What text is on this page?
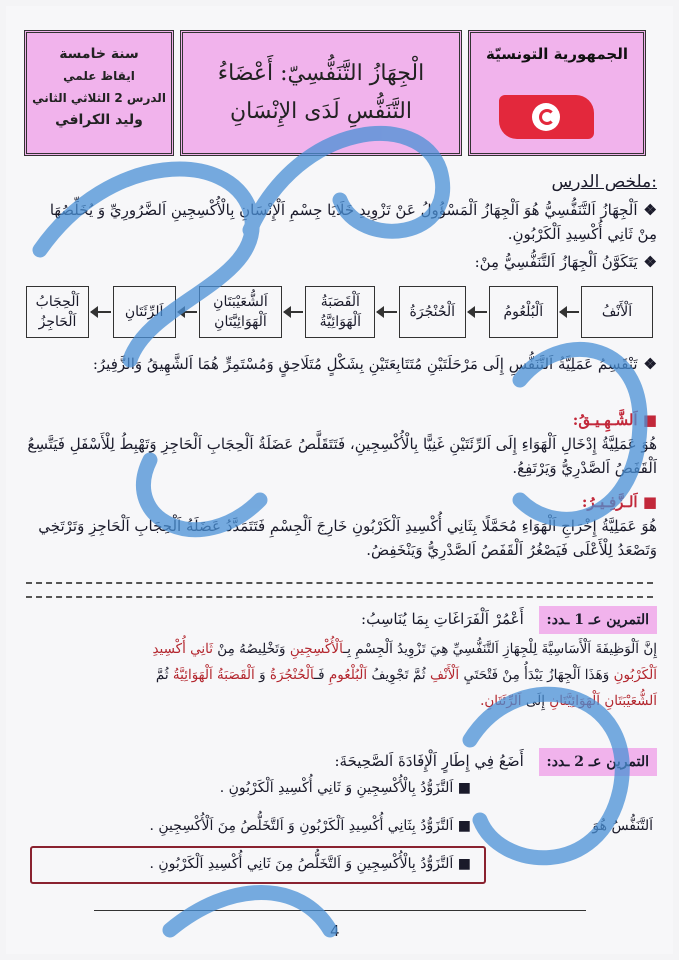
الجمهورية التونسيّة
الْجِهَازُ التَّنَفُّسِيّ: أَعْضَاءُ
التَّنَفُّسِ لَدَى الإِنْسَانِ
سنة خامسة
ايقاظ علمي
الدرس 2 الثلاثي الثاني
وليد الكرافي
ملخص الدرس:
❖اَلْجِهَازُ اَلتَّنَفُّسِيُّ هُوَ اَلْجِهَازُ اَلْمَسْؤُولُ عَنْ تَزْوِيدِ خَلَايَا جِسْمِ اَلْإِنْسَانِ بِالْأُكْسِجِينِ اَلضَّرُورِيِّ وَ يُخَلِّصُهَا مِنْ ثَانِي أُكْسِيدِ اَلْكَرْبُونِ.
❖يَتَكَوَّنُ اَلْجِهَازُ اَلتَّنَفُّسِيُّ مِنْ:
اَلْأَنْفُ
اَلْبُلْعُومُ
اَلْحُنْجُرَةُ
اَلْقَصَبَةُ اَلْهَوَائِيَّةُ
اَلشُّعَيْبَتَانِ اَلْهَوَائِيَّتَانِ
اَلرِّئَتَانِ
اَلْحِجَابُ اَلْحَاجِزُ
❖تَنْقَسِمُ عَمَلِيَّةُ اَلتَّنَفُّسِ إِلَى مَرْحَلَتَيْنِ مُتَتَابِعَتَيْنِ بِشَكْلٍ مُتَلَاحِقٍ وَمُسْتَمِرٍّ هُمَا اَلشَّهِيقُ وَالزَّفِيرُ:
■ اَلشَّـهِـيـقُ:
هُوَ عَمَلِيَّةُ إِدْخَالِ اَلْهَوَاءِ إِلَى اَلرِّئَتَيْنِ غَنِيًّا بِالْأُكْسِجِينِ، فَتَتَقَلَّصُ عَضَلَةُ اَلْحِجَابِ اَلْحَاجِزِ وَتَهْبِطُ لِلْأَسْفَلِ فَيَتَّسِعُ اَلْقَفَصُ اَلصَّدْرِيُّ وَيَرْتَفِعُ.
■ اَلـزَّفِـيـرُ:
هُوَ عَمَلِيَّةُ إِخْرَاجِ اَلْهَوَاءِ مُحَمَّلًا بِثَانِي أُكْسِيدِ اَلْكَرْبُونِ خَارِجَ اَلْجِسْمِ فَتَتَمَدَّدُ عَضَلَةُ اَلْحِجَابِ اَلْحَاجِزِ وَتَرْتَخِي وَتَصْعَدُ لِلْأَعْلَى فَيَصْغُرُ اَلْقَفَصُ اَلصَّدْرِيُّ وَيَنْخَفِضُ.
التمرين عـ 1 ـدد: أَعْمُرْ اَلْفَرَاغَاتِ بِمَا يُنَاسِبُ:
إِنَّ اَلْوَظِيفَةَ اَلْأَسَاسِيَّةَ لِلْجِهَازِ اَلتَّنَفُّسِيِّ هِيَ تَزْوِيدُ اَلْجِسْمِ بِـاَلْأُكْسِجِينِ وَتَخْلِيصُهُ مِنْ ثَانِي أُكْسِيدِ
اَلْكَرْبُونِ وَهَذَا اَلْجِهَازُ يَبْدَأُ مِنْ فَتْحَتَيِ اَلْأَنْفِ ثُمَّ تَجْوِيفُ اَلْبُلْعُومِ فَـاَلْحُنْجُرَةُ وَ اَلْقَصَبَةُ اَلْهَوَائِيَّةُ ثُمَّ
اَلشُّعَيْبَتَانِ اَلْهَوَائِيَّتَانِ إِلَى اَلرِّئَتَانِ.
التمرين عـ 2 ـدد: أَضَعُ فِي إِطَارٍ اَلْإِفَادَةَ اَلصَّحِيحَةَ:
■ اَلتَّزَوُّدُ بِالْأُكْسِجِينِ وَ ثَانِي أُكْسِيدِ اَلْكَرْبُونِ .
■ اَلتَّزَوُّدُ بِثَانِي أُكْسِيدِ اَلْكَرْبُونِ وَ اَلتَّخَلُّصُ مِنَ اَلْأُكْسِجِينِ .	اَلتَّنَفُّسُ هُوَ
■ اَلتَّزَوُّدُ بِالْأُكْسِجِينِ وَ اَلتَّخَلُّصُ مِنَ ثَانِي أُكْسِيدِ اَلْكَرْبُونِ .
4
